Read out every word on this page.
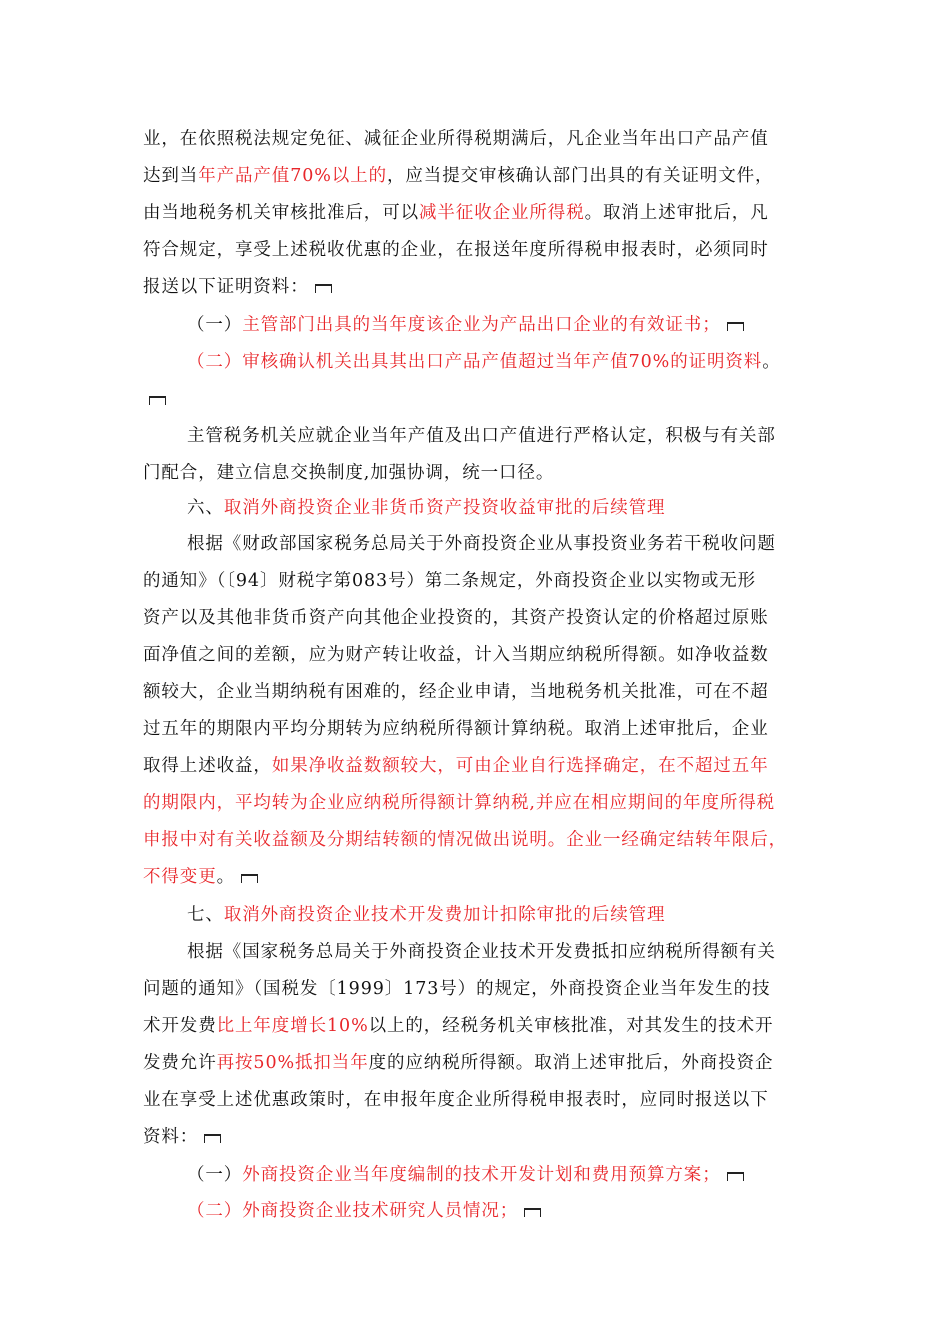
业，在依照税法规定免征、减征企业所得税期满后，凡企业当年出口产品产值
达到当年产品产值70%以上的，应当提交审核确认部门出具的有关证明文件，
由当地税务机关审核批准后，可以减半征收企业所得税。取消上述审批后，凡
符合规定，享受上述税收优惠的企业，在报送年度所得税申报表时，必须同时
报送以下证明资料：
（一）主管部门出具的当年度该企业为产品出口企业的有效证书；
（二）审核确认机关出具其出口产品产值超过当年产值70%的证明资料。
主管税务机关应就企业当年产值及出口产值进行严格认定，积极与有关部
门配合，建立信息交换制度,加强协调，统一口径。
六、取消外商投资企业非货币资产投资收益审批的后续管理
根据《财政部国家税务总局关于外商投资企业从事投资业务若干税收问题
的通知》（〔94〕财税字第083号）第二条规定，外商投资企业以实物或无形
资产以及其他非货币资产向其他企业投资的，其资产投资认定的价格超过原账
面净值之间的差额，应为财产转让收益，计入当期应纳税所得额。如净收益数
额较大，企业当期纳税有困难的，经企业申请，当地税务机关批准，可在不超
过五年的期限内平均分期转为应纳税所得额计算纳税。取消上述审批后，企业
取得上述收益，如果净收益数额较大，可由企业自行选择确定，在不超过五年
的期限内，平均转为企业应纳税所得额计算纳税,并应在相应期间的年度所得税
申报中对有关收益额及分期结转额的情况做出说明。企业一经确定结转年限后，
不得变更。
七、取消外商投资企业技术开发费加计扣除审批的后续管理
根据《国家税务总局关于外商投资企业技术开发费抵扣应纳税所得额有关
问题的通知》（国税发〔1999〕173号）的规定，外商投资企业当年发生的技
术开发费比上年度增长10%以上的，经税务机关审核批准，对其发生的技术开
发费允许再按50%抵扣当年度的应纳税所得额。取消上述审批后，外商投资企
业在享受上述优惠政策时，在申报年度企业所得税申报表时，应同时报送以下
资料：
（一）外商投资企业当年度编制的技术开发计划和费用预算方案；
（二）外商投资企业技术研究人员情况；
